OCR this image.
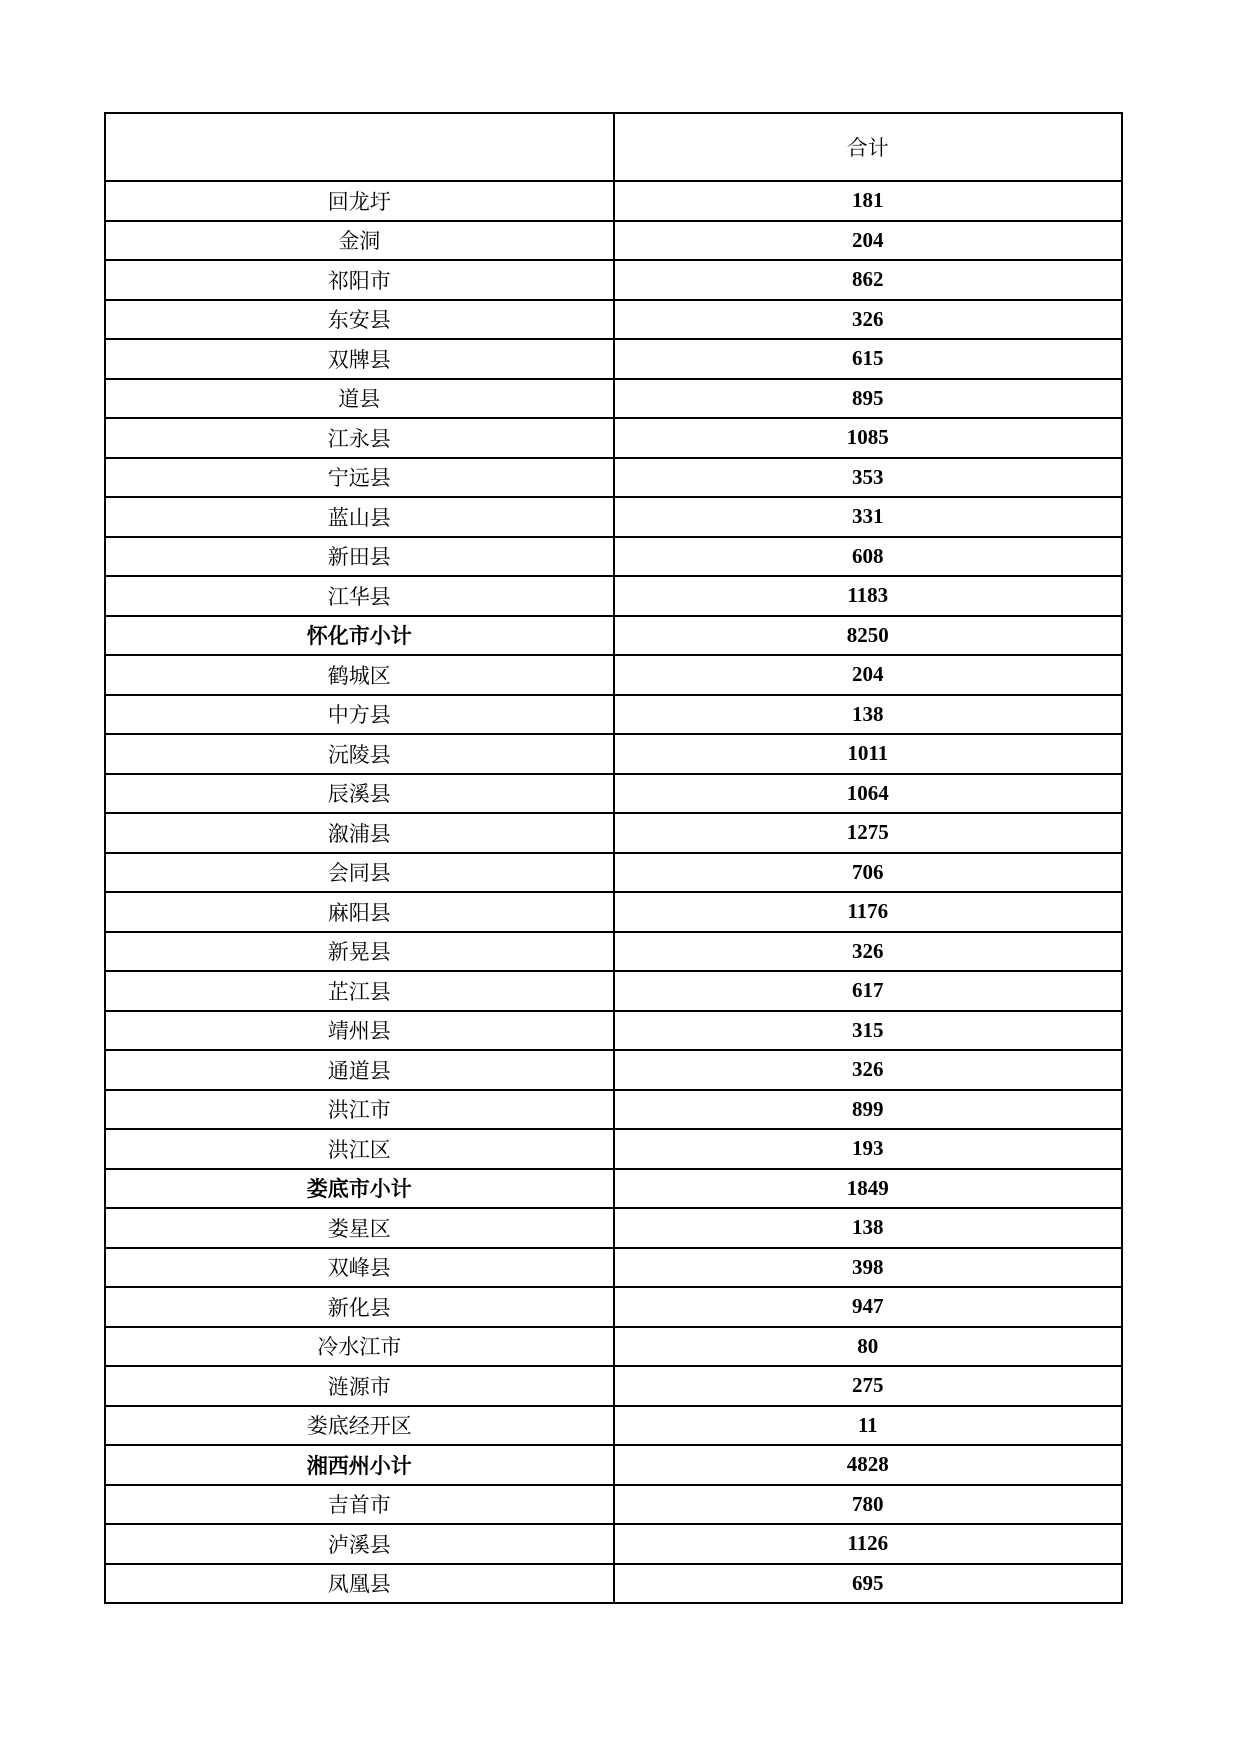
	合计
回龙圩	181
金洞	204
祁阳市	862
东安县	326
双牌县	615
道县	895
江永县	1085
宁远县	353
蓝山县	331
新田县	608
江华县	1183
怀化市小计	8250
鹤城区	204
中方县	138
沅陵县	1011
辰溪县	1064
溆浦县	1275
会同县	706
麻阳县	1176
新晃县	326
芷江县	617
靖州县	315
通道县	326
洪江市	899
洪江区	193
娄底市小计	1849
娄星区	138
双峰县	398
新化县	947
冷水江市	80
涟源市	275
娄底经开区	11
湘西州小计	4828
吉首市	780
泸溪县	1126
凤凰县	695
